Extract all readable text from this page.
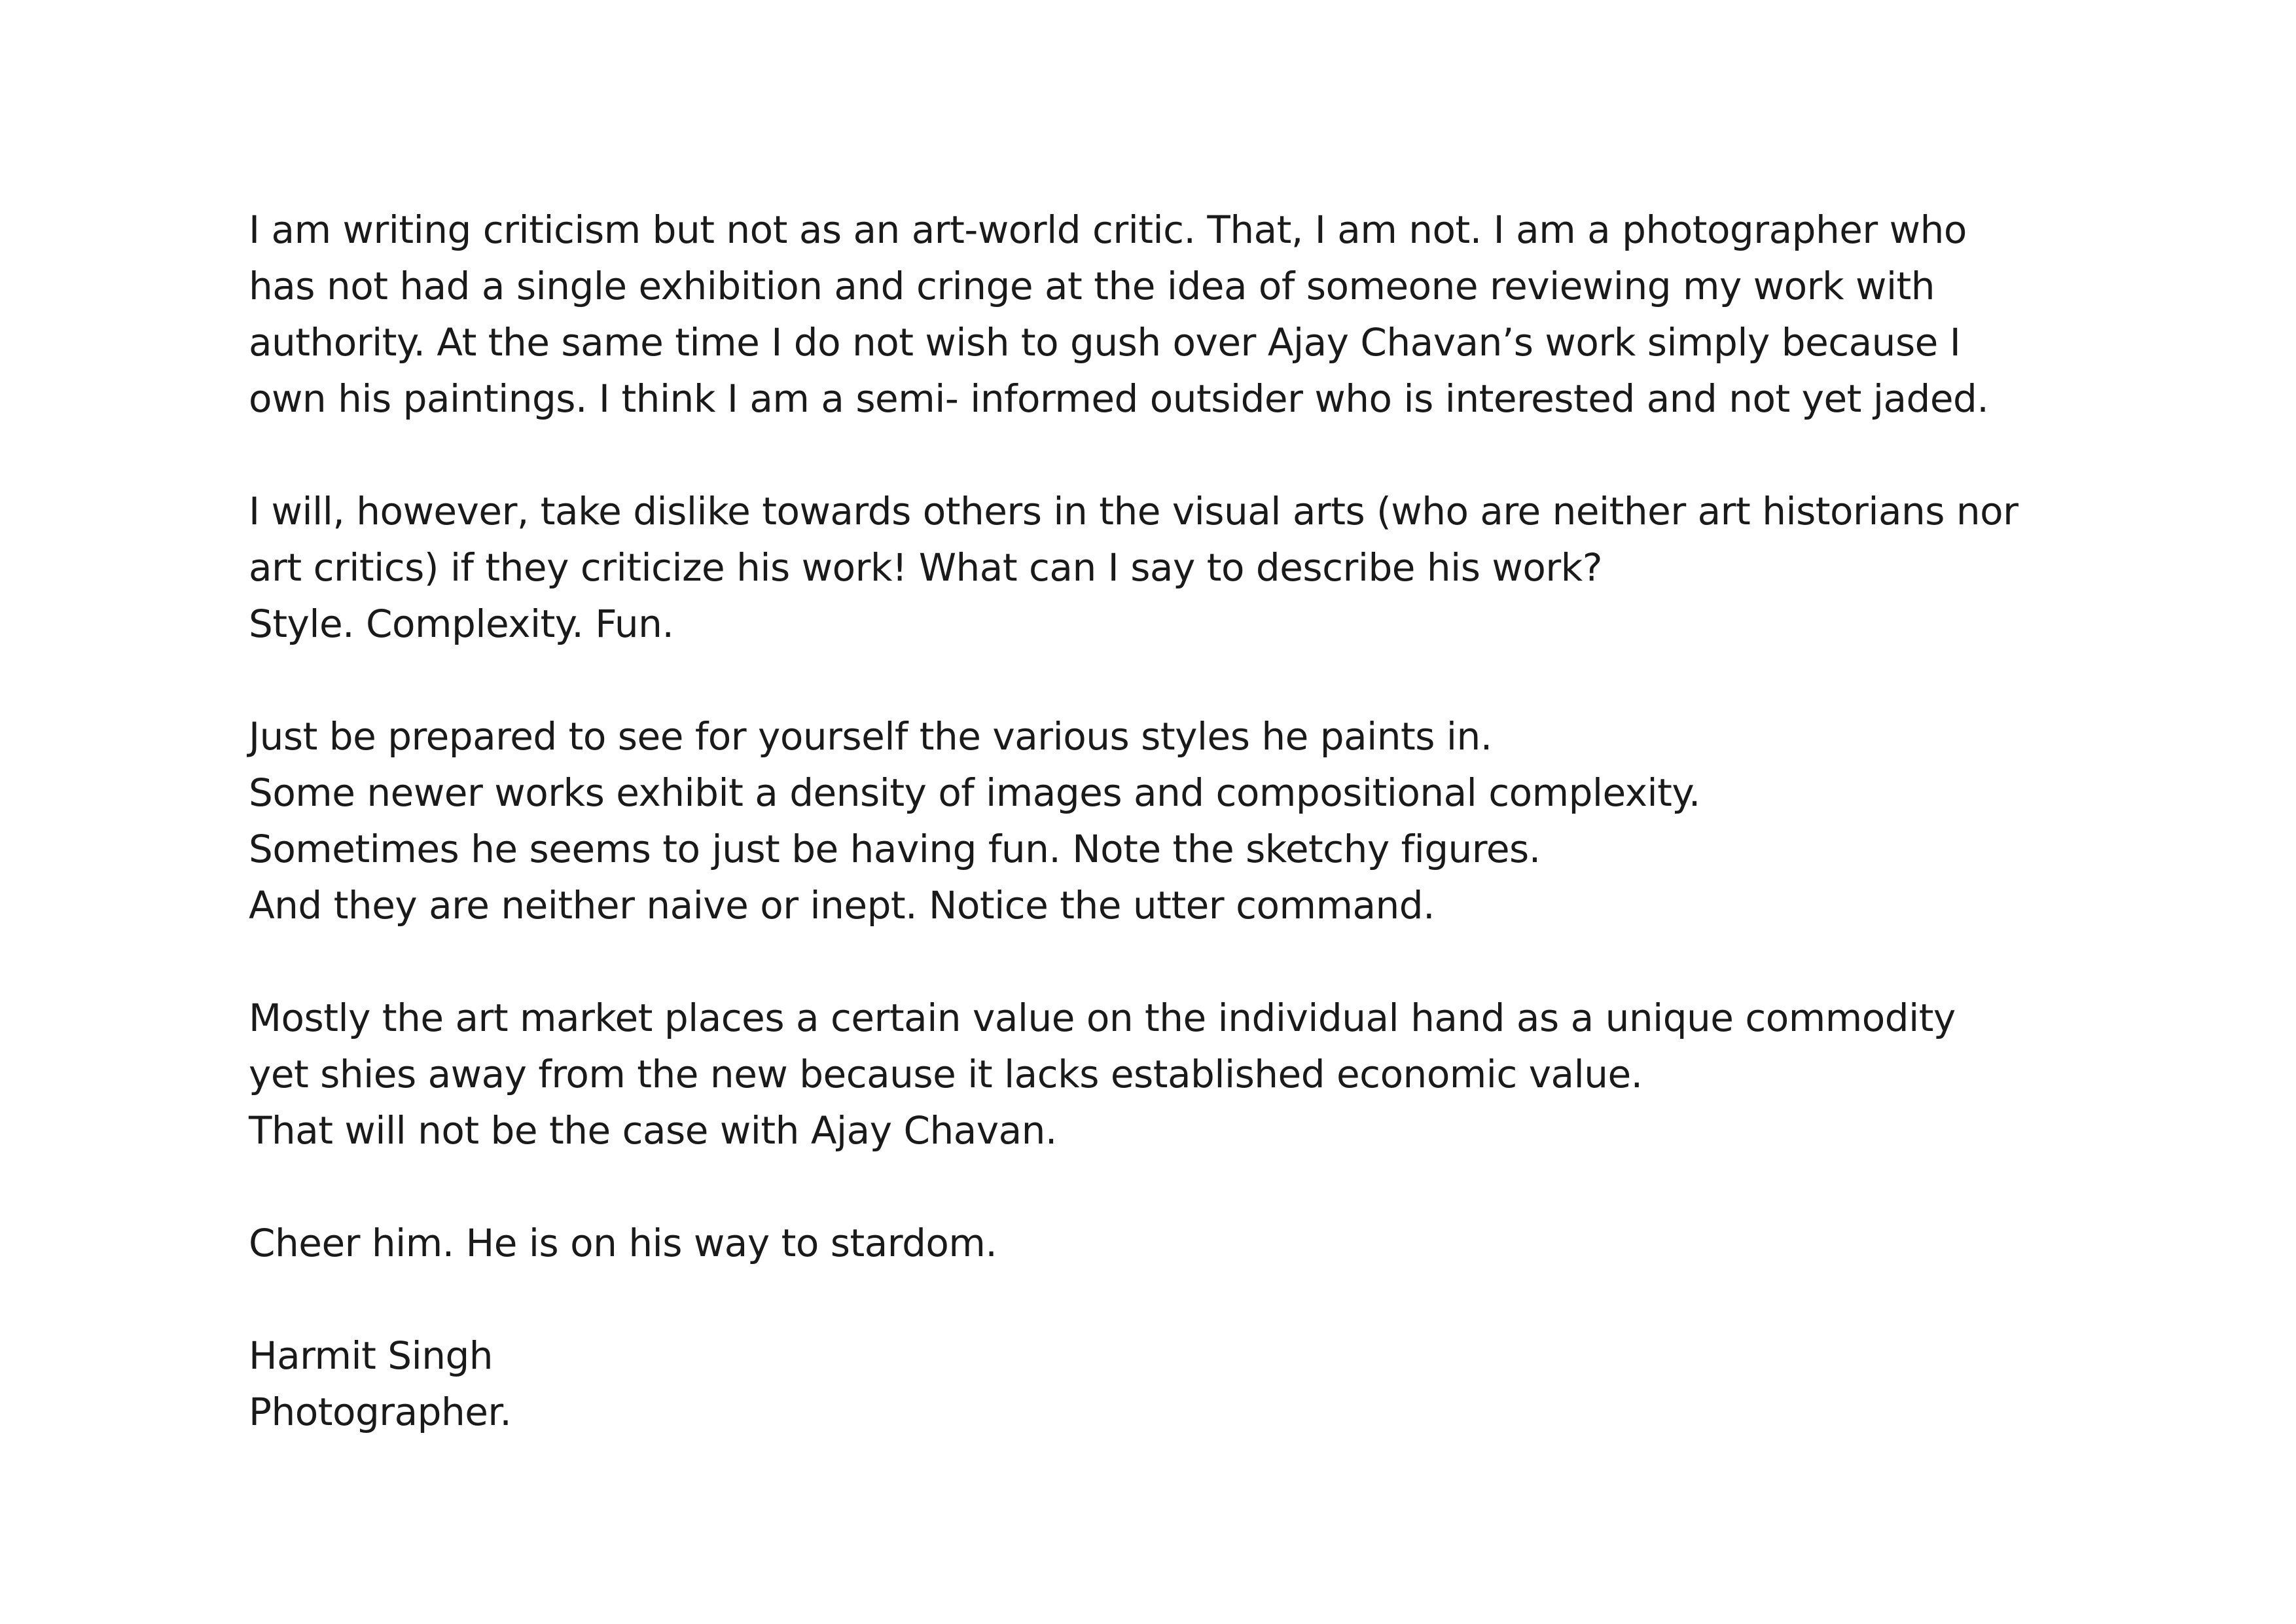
I am writing criticism but not as an art-world critic. That, I am not. I am a photographer who
has not had a single exhibition and cringe at the idea of someone reviewing my work with
authority. At the same time I do not wish to gush over Ajay Chavan’s work simply because I
own his paintings. I think I am a semi- informed outsider who is interested and not yet jaded.

I will, however, take dislike towards others in the visual arts (who are neither art historians nor
art critics) if they criticize his work! What can I say to describe his work?
Style. Complexity. Fun.

Just be prepared to see for yourself the various styles he paints in.
Some newer works exhibit a density of images and compositional complexity.
Sometimes he seems to just be having fun. Note the sketchy figures.
And they are neither naive or inept. Notice the utter command.

Mostly the art market places a certain value on the individual hand as a unique commodity
yet shies away from the new because it lacks established economic value.
That will not be the case with Ajay Chavan.

Cheer him. He is on his way to stardom.

Harmit Singh
Photographer.
